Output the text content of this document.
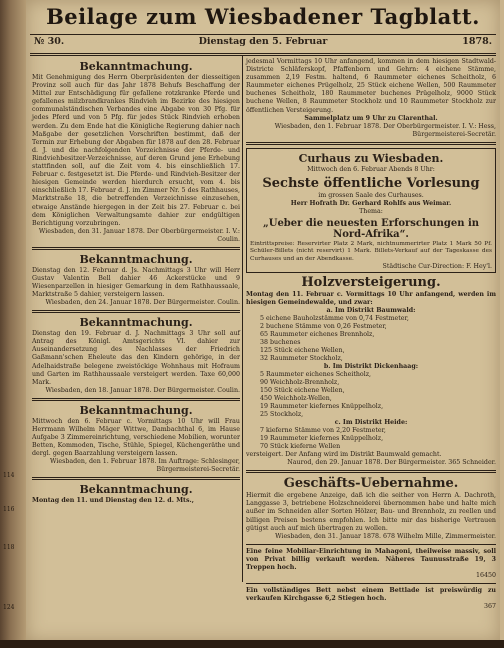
114
116
118
124
Beilage zum Wiesbadener Tagblatt.
№ 30.	Dienstag den 5. Februar	1878.
Bekanntmachung.

Mit Genehmigung des Herrn Oberpräsidenten der diesseitigen Provinz soll auch für das Jahr 1878 Behufs Beschaffung der Mittel zur Entschädigung für gefallene rotzkranke Pferde und gefallenes milzbrandkrankes Rindvieh im Bezirke des hiesigen communalständischen Verbandes eine Abgabe von 30 Pfg. für jedes Pferd und von 5 Pfg. für jedes Stück Rindvieh erhoben werden. Zu dem Ende hat die Königliche Regierung dahier nach Maßgabe der gesetzlichen Vorschriften bestimmt, daß der Termin zur Erhebung der Abgaben für 1878 auf den 28. Februar d. J. und die nachfolgenden Vorzeichnisse der Pferde- und Rindviehbesitzer-Verzeichnisse, auf deren Grund jene Erhebung stattfinden soll, auf die Zeit vom 4. bis einschließlich 17. Februar c. festgesetzt ist. Die Pferde- und Rindvieh-Besitzer der hiesigen Gemeinde werden hierdurch ersucht, vom 4. bis einschließlich 17. Februar d. J. im Zimmer Nr. 5 des Rathhauses, Marktstraße 18, die betreffenden Verzeichnisse einzusehen, etwaige Anstände hiergegen in der Zeit bis 27. Februar c. bei dem Königlichen Verwaltungsamte dahier zur endgültigen Berichtigung vorzubringen.

Wiesbaden, den 31. Januar 1878. Der Oberbürgermeister. I. V.: Coulin.

Bekanntmachung.

Dienstag den 12. Februar d. Js. Nachmittags 3 Uhr will Herr Gustav Valentin Bell dahier 46 Ackerstücke und 9 Wiesenparzellen in hiesiger Gemarkung in dem Rathhaussaale, Marktstraße 5 dahier, versteigern lassen.

Wiesbaden, den 24. Januar 1878. Der Bürgermeister. Coulin.

Bekanntmachung.

Dienstag den 19. Februar d. J. Nachmittags 3 Uhr soll auf Antrag des Königl. Amtsgerichts VI. dahier zur Auseinandersetzung des Nachlasses der Friedrich Gaßmann'schen Eheleute das den Kindern gehörige, in der Adelhaidstraße belegene zweistöckige Wohnhaus mit Hofraum und Garten im Rathhaussaale versteigert werden. Taxe 60,000 Mark.

Wiesbaden, den 18. Januar 1878. Der Bürgermeister. Coulin.

Bekanntmachung.

Mittwoch den 6. Februar c. Vormittags 10 Uhr will Frau Herrmann Wilhelm Mäger Wittwe, Dambachthal 6, im Hause Aufgabe 3 Zimmereinrichtung, verschiedene Mobilien, worunter Betten, Kommoden, Tische, Stühle, Spiegel, Küchengeräthe und dergl. gegen Baarzahlung versteigern lassen.

Wiesbaden, den 1. Februar 1878. Im Auftrage: Schlesinger, Bürgermeisterei-Secretär.

Bekanntmachung.

Montag den 11. und Dienstag den 12. d. Mts.,

jedesmal Vormittags 10 Uhr anfangend, kommen in dem hiesigen Stadtwald-Districte Schläferskopf, Pfaffenborn und Gehrn: 4 eichene Stämme, zusammen 2,19 Festm. haltend, 6 Raummeter eichenes Scheitholz, 6 Raummeter eichenes Prügelholz, 25 Stück eichene Wellen, 500 Raummeter buchenes Scheitholz, 180 Raummeter buchenes Prügelholz, 9000 Stück buchene Wellen, 8 Raummeter Stockholz und 10 Raummeter Stockholz zur öffentlichen Versteigerung.

Sammelplatz um 9 Uhr zu Clarenthal.

Wiesbaden, den 1. Februar 1878. Der Oberbürgermeister. I. V.: Hess, Bürgermeisterei-Secretär.

Curhaus zu Wiesbaden.

Mittwoch den 6. Februar Abends 8 Uhr:

Sechste öffentliche Vorlesung

im grossen Saale des Curhauses.

Herr Hofrath Dr. Gerhard Rohlfs aus Weimar.

Thema:

„Ueber die neuesten Erforschungen in Nord-Afrika“.

Eintrittspreise: Reservirter Platz 2 Mark, nichtnummerirter Platz 1 Mark 50 Pf. Schüler-Billets (nicht reservirt) 1 Mark. Billets-Verkauf auf der Tageskasse des Curhauses und an der Abendkasse.

Städtische Cur-Direction: F. Hey'l.

Holzversteigerung.

Montag den 11. Februar c. Vormittags 10 Uhr anfangend, werden im hiesigen Gemeindewalde, und zwar:

a. Im Distrikt Baumwald:

5 eichene Bauholzstämme von 0,74 Festmeter,

2 buchene Stämme von 0,26 Festmeter,

65 Raummeter eichenes Brennholz,

38 buchenes

125 Stück eichene Wellen,

32 Raummeter Stockholz,

b. Im Distrikt Dickenhaag:

5 Raummeter eichenes Scheitholz,

90 Weichholz-Brennholz,

150 Stück eichene Wellen,

450 Weichholz-Wellen,

19 Raummeter kiefernes Knüppelholz,

25 Stockholz,

c. Im Distrikt Heide:

7 kieferne Stämme von 2,20 Festmeter,

19 Raummeter kiefernes Knüppelholz,

70 Stück kieferne Wellen

versteigert. Der Anfang wird im Distrikt Baumwald gemacht.

Naurod, den 29. Januar 1878. Der Bürgermeister. 365 Schneider.

Geschäfts-Uebernahme.

Hiermit die ergebene Anzeige, daß ich die seither von Herrn A. Dachroth, Langgasse 3, betriebene Holzschneiderei übernommen habe und halte mich außer im Schneiden aller Sorten Hölzer, Bau- und Brennholz, zu reellen und billigen Preisen bestens empfohlen. Ich bitte mir das bisherige Vertrauen gütigst auch auf mich übertragen zu wollen.

Wiesbaden, den 31. Januar 1878. 678 Wilhelm Mille, Zimmermeister.

Eine feine Mobiliar-Einrichtung in Mahagoni, theilweise massiv, soll von Privat billig verkauft werden. Näheres Taunusstraße 19, 3 Treppen hoch.

16450

Ein vollständiges Bett nebst einem Bettlade ist preiswürdig zu verkaufen Kirchgasse 6,2 Stiegen hoch.

367
